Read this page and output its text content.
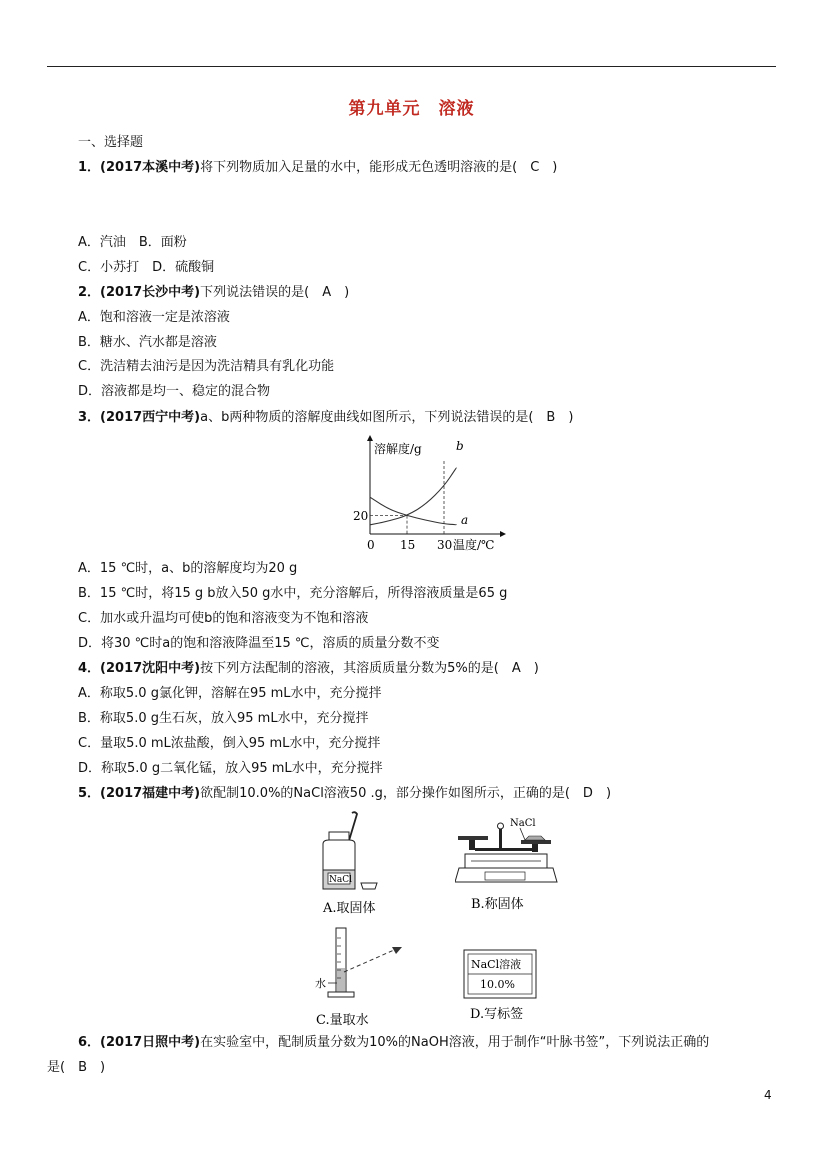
第九单元　溶液
一、选择题
1．(2017本溪中考)将下列物质加入足量的水中，能形成无色透明溶液的是(　C　)
A．汽油　B．面粉
C．小苏打　D．硫酸铜
2．(2017长沙中考)下列说法错误的是(　A　)
A．饱和溶液一定是浓溶液
B．糖水、汽水都是溶液
C．洗洁精去油污是因为洗洁精具有乳化功能
D．溶液都是均一、稳定的混合物
3．(2017西宁中考)a、b两种物质的溶解度曲线如图所示，下列说法错误的是(　B　)
溶解度/g
温度/℃
0 15 30
20	a
b
A．15 ℃时，a、b的溶解度均为20 g
B．15 ℃时，将15 g b放入50 g水中，充分溶解后，所得溶液质量是65 g
C．加水或升温均可使b的饱和溶液变为不饱和溶液
D．将30 ℃时a的饱和溶液降温至15 ℃，溶质的质量分数不变
4．(2017沈阳中考)按下列方法配制的溶液，其溶质质量分数为5%的是(　A　)
A．称取5.0 g氯化钾，溶解在95 mL水中，充分搅拌
B．称取5.0 g生石灰，放入95 mL水中，充分搅拌
C．量取5.0 mL浓盐酸，倒入95 mL水中，充分搅拌
D．称取5.0 g二氧化锰，放入95 mL水中，充分搅拌
5．(2017福建中考)欲配制10.0%的NaCl溶液50 .g，部分操作如图所示，正确的是(　D　)
NaCl
A.取固体
NaCl
B.称固体
水
C.量取水
NaCl溶液
10.0%
D.写标签
6．(2017日照中考)在实验室中，配制质量分数为10%的NaOH溶液，用于制作“叶脉书签”，下列说法正确的
是(　B　)
4
